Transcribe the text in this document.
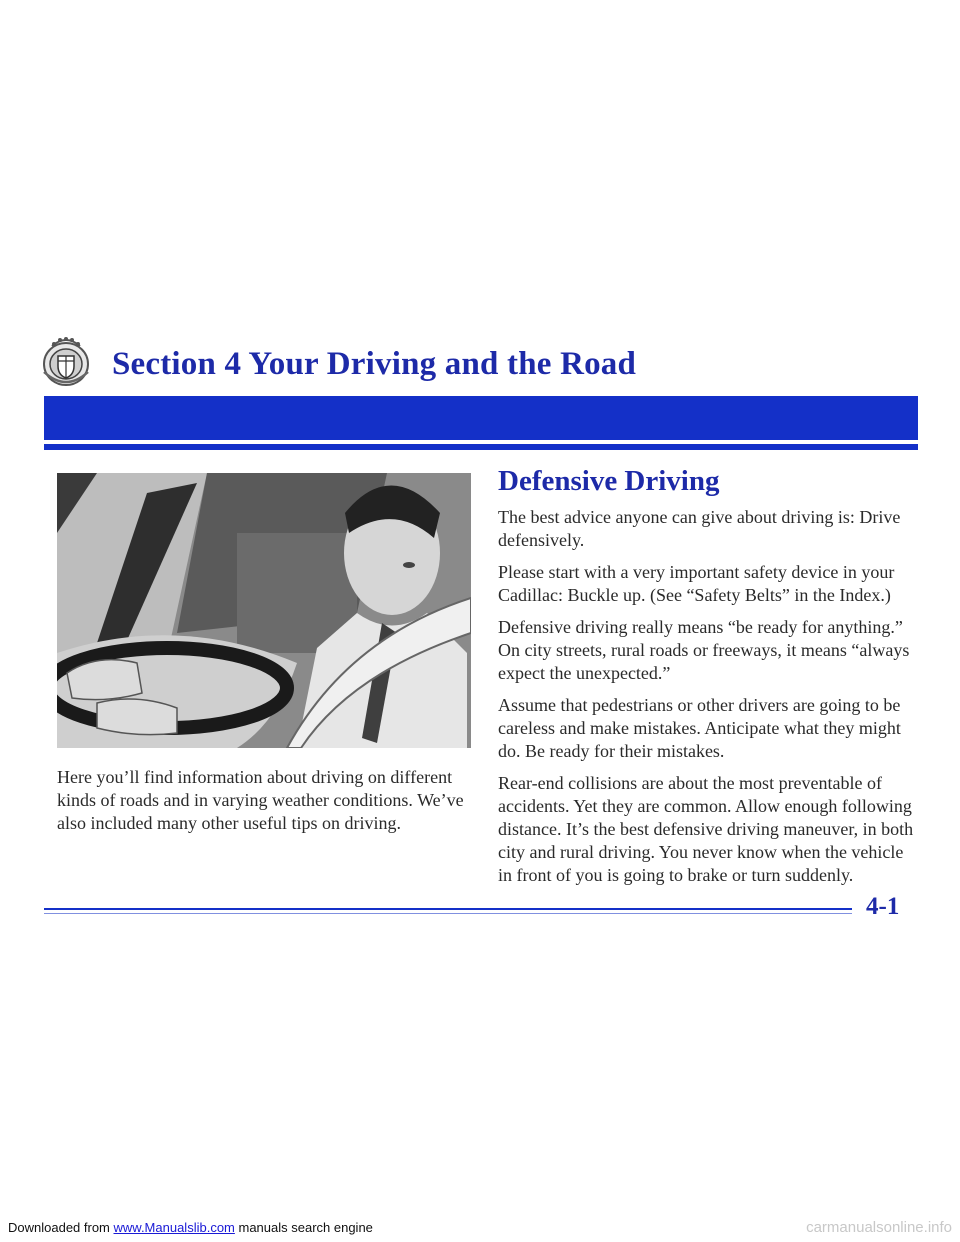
Section 4 Your Driving and the Road

Here you’ll find information about driving on different kinds of roads and in varying weather conditions. We’ve also included many other useful tips on driving.

Defensive Driving

The best advice anyone can give about driving is: Drive defensively.

Please start with a very important safety device in your Cadillac: Buckle up. (See “Safety Belts” in the Index.)

Defensive driving really means “be ready for anything.” On city streets, rural roads or freeways, it means “always expect the unexpected.”

Assume that pedestrians or other drivers are going to be careless and make mistakes. Anticipate what they might do. Be ready for their mistakes.

Rear-end collisions are about the most preventable of accidents. Yet they are common. Allow enough following distance. It’s the best defensive driving maneuver, in both city and rural driving. You never know when the vehicle in front of you is going to brake or turn suddenly.

4-1

Downloaded from www.Manualslib.com manuals search engine	carmanualsonline.info
